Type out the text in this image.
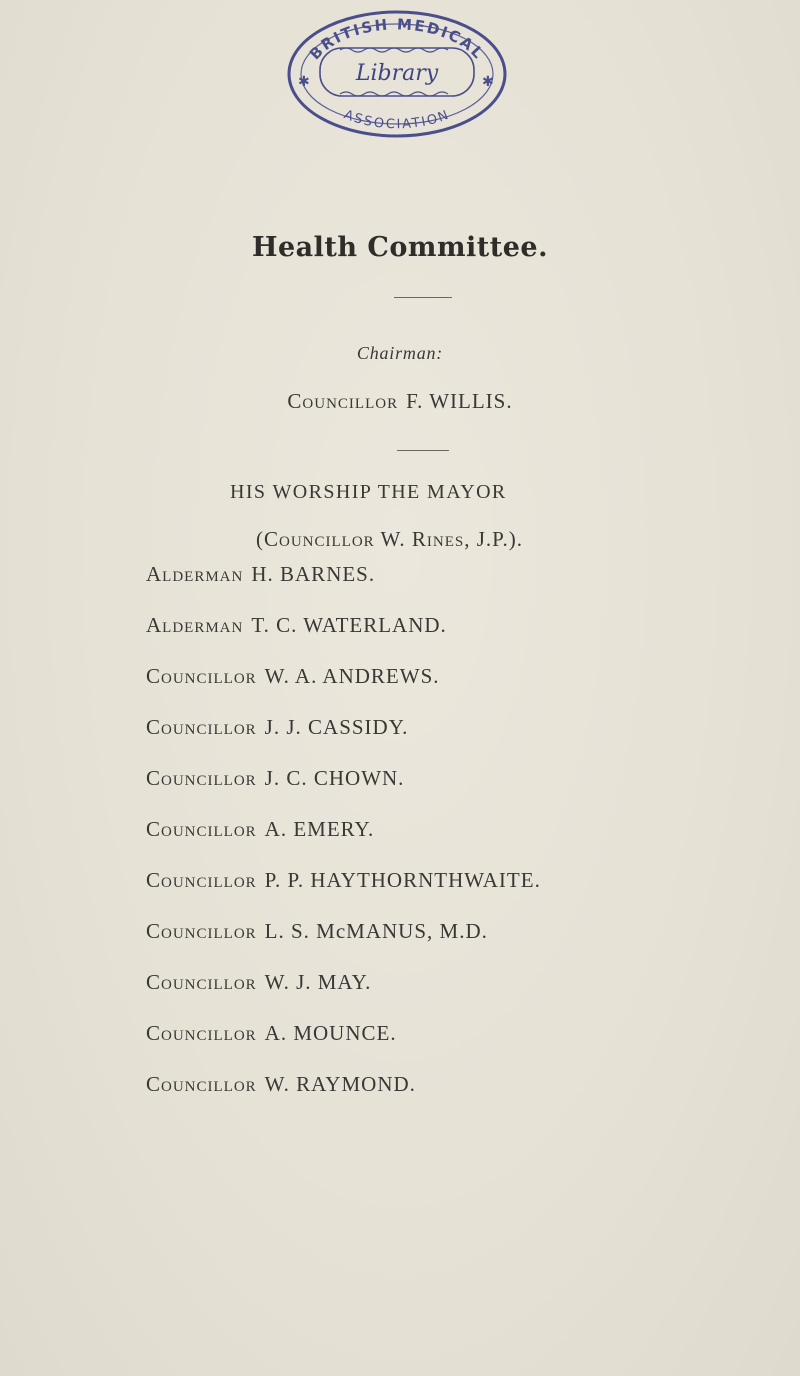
BRITISH MEDICAL
Library
✱	✱
ASSOCIATION
Health Committee.
Chairman:
Councillor F. WILLIS.
HIS WORSHIP THE MAYOR
(Councillor W. Rines, J.P.).
Alderman H. BARNES.
Alderman T. C. WATERLAND.
Councillor W. A. ANDREWS.
Councillor J. J. CASSIDY.
Councillor J. C. CHOWN.
Councillor A. EMERY.
Councillor P. P. HAYTHORNTHWAITE.
Councillor L. S. McMANUS, M.D.
Councillor W. J. MAY.
Councillor A. MOUNCE.
Councillor W. RAYMOND.
